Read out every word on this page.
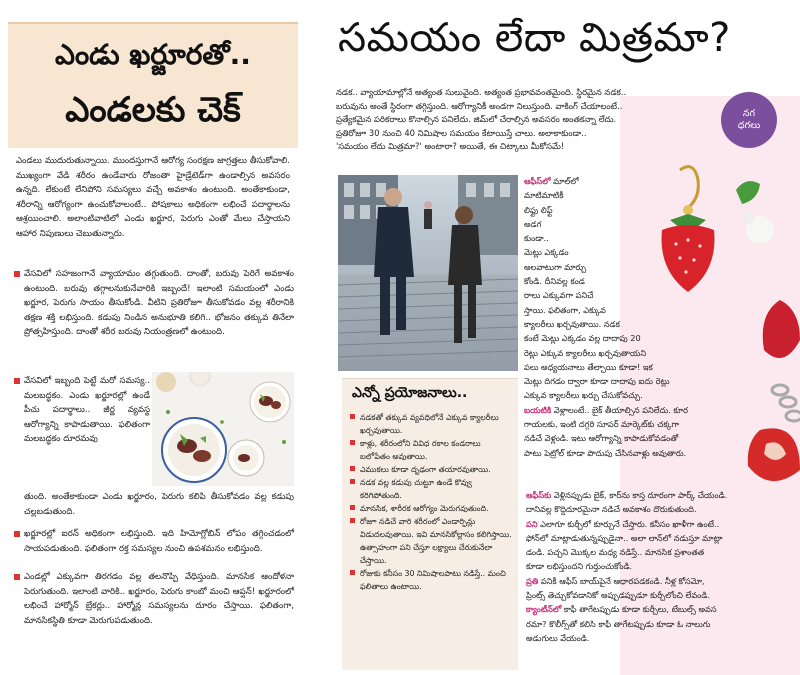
ఎండు ఖర్జూరతో..
ఎండలకు చెక్
ఎండలు ముదురుతున్నాయి. ముందస్తుగానే ఆరోగ్య సంరక్షణ జాగ్రత్తలు తీసుకోవాలి. ముఖ్యంగా వేడి శరీరం ఉండేవారు రోజంతా హైడ్రేటెడ్‌గా ఉండాల్సిన అవసరం ఉన్నది. లేకుంటే లేనిపోని సమస్యలు వచ్చే అవకాశం ఉంటుంది. అంతేకాకుండా, శరీరాన్ని ఆరోగ్యంగా ఉంచుకోవాలంటే.. పోషకాలు అధికంగా లభించే పదార్థాలను ఆశ్రయించాలి. అలాంటివాటిలో ఎండు ఖర్జూర, పెరుగు ఎంతో మేలు చేస్తాయని ఆహార నిపుణులు చెబుతున్నారు.
వేసవిలో సహజంగానే వ్యాయామం తగ్గుతుంది. దాంతో, బరువు పెరిగే అవకాశం ఉంటుంది. బరువు తగ్గాలనుకునేవారికి ఇబ్బందే! ఇలాంటి సమయంలో ఎండు ఖర్జూర, పెరుగు సాయం తీసుకోండి. వీటిని ప్రతిరోజూ తీసుకోవడం వల్ల శరీరానికి తక్షణ శక్తి లభిస్తుంది. కడుపు నిండిన అనుభూతి కలిగి.. భోజనం తక్కువ తినేలా ప్రోత్సహిస్తుంది. దాంతో శరీర బరువు నియంత్రణలో ఉంటుంది.
వేసవిలో ఇబ్బంది పెట్టే మరో సమస్య.. మలబద్ధకం. ఎండు ఖర్జూరల్లో ఉండే పీచు పదార్థాలు.. జీర్ణ వ్యవస్థ ఆరోగ్యాన్ని కాపాడుతాయి. ఫలితంగా మలబద్ధకం దూరమవు
తుంది. అంతేకాకుండా ఎండు ఖర్జూరం, పెరుగు కలిపి తీసుకోవడం వల్ల కడుపు చల్లబడుతుంది.
ఖర్జూరల్లో ఐరన్ అధికంగా లభిస్తుంది. ఇది హిమోగ్లోబిన్ లోపం తగ్గించడంలో సాయపడుతుంది. ఫలితంగా రక్త సమస్యల నుంచి ఉపశమనం లభిస్తుంది.
ఎండల్లో ఎక్కువగా తిరగడం వల్ల తలనొప్పి వేధిస్తుంది. మానసిక ఆందోళనా పెరుగుతుంది. ఇలాంటి వారికి.. ఖర్జూరం, పెరుగు కాంబో మంచి ఆప్షన్! ఖర్జూరంలో లభించే హార్మోన్ బ్రేకర్లు.. హార్మోన్ల సమస్యలను దూరం చేస్తాయి. ఫలితంగా, మానసికస్థితి కూడా మెరుగుపడుతుంది.
సమయం లేదా మిత్రమా?
నడక.. వ్యాయామాల్లోనే అత్యంత సులువైంది. అత్యంత ప్రభావవంతమైంది. స్థిరమైన నడక..
బరువును అంతే స్థిరంగా తగ్గిస్తుంది. ఆరోగ్యానికీ అండగా నిలుస్తుంది. వాకింగ్ చేయాలంటే..
ప్రత్యేకమైన పరికరాలు కొనాల్సిన పనిలేదు. జిమ్‌లో చేరాల్సిన అవసరం అంతకన్నా లేదు.
ప్రతిరోజూ 30 నుంచి 40 నిమిషాల సమయం కేటాయిస్తే చాలు. అలాకాకుండా..
'సమయం లేదు మిత్రమా?' అంటారా? అయితే, ఈ చిట్కాలు మీకోసమే!
నగ
ధగలు
ఎన్నో ప్రయోజనాలు..
నడకతో తక్కువ వ్యవధిలోనే ఎక్కువ క్యాలరీలు ఖర్చవుతాయి.
కాళ్లు, శరీరంలోని వివిధ రకాల కండరాలు బలోపేతం అవుతాయి.
ఎముకలు కూడా దృఢంగా తయారవుతాయి.
నడక వల్ల కడుపు చుట్టూ ఉండే కొవ్వు కరిగిపోతుంది.
మానసిక, శారీరక ఆరోగ్యం మెరుగవుతుంది.
రోజూ నడిచే వారి శరీరంలో ఎండార్ఫిన్లు విడుదలవుతాయి. ఇవి మానసికోల్లాసం కలిగిస్తాయి. ఉత్సాహంగా పని చేస్తూ లక్ష్యాలు చేరుకునేలా చేస్తాయి.
రోజుకు కనీసం 30 నిమిషాలపాటు నడిస్తే.. మంచి ఫలితాలు ఉంటాయి.
ఆఫీస్‌లో మాల్‌లో
మాటిమాటికీ
లిఫ్టు లిఫ్ట్
అడగ
కుండా..
మెట్లు ఎక్కడం
అలవాటుగా మార్చు
కోండి. దీనివల్ల కండ
రాలు ఎక్కువగా పనిచే
స్తాయి. ఫలితంగా, ఎక్కువ
క్యాలరీలు ఖర్చవుతాయి. నడక
కంటే మెట్లు ఎక్కడం వల్ల దాదాపు 20
రెట్లు ఎక్కువ క్యాలరీలు ఖర్చవుతాయని
పలు అధ్యయనాలు తేల్చాయి కూడా! ఇక
మెట్లు దిగడం ద్వారా కూడా దాదాపు ఐదు రెట్లు
ఎక్కువ క్యాలరీలు ఖర్చు చేసుకోవచ్చు.
బయటికి వెళ్లాలంటే.. బైక్ తీయాల్సిన పనిలేదు. కూర
గాయలకు, ఇంటి దగ్గరి సూపర్ మార్కెట్‌కు చక్కగా
నడిచే వెళ్లండి. ఇటు ఆరోగ్యాన్ని కాపాడుకోవడంతో
పాటు పెట్రోల్ కూడా పొదుపు చేసినవాళ్లు అవుతారు.
ఆఫీస్‌కు వెళ్లినప్పుడు బైక్, కార్‌ను కాస్త దూరంగా పార్క్ చేయండి.
దానివల్ల కొద్దిదూరమైనా నడిచే అవకాశం దొరుకుతుంది.
పని ఎలాగూ కుర్చీలో కూర్చునే చేస్తారు. కనీసం ఖాళీగా ఉంటే..
ఫోన్‌లో మాట్లాడుతున్నప్పుడైనా.. అలా లాన్‌లో నడుస్తూ మాట్లా
డండి. పచ్చని మొక్కల మధ్య నడిస్తే.. మానసిక ప్రశాంతత
కూడా లభిస్తుందని గుర్తుంచుకోండి.
ప్రతి పనికీ ఆఫీస్ బాయ్‌పైనే ఆధారపడకండి. నీళ్ల కోసమో,
ప్రింట్స్ తెచ్చుకోవడానికో అప్పుడప్పుడూ కుర్చీలోంచి లేవండి.
క్యాంటీన్‌లో కాఫీ తాగేటప్పుడు కూడా కుర్చీలు, టేబుల్స్ అవస
రమా? కొలీగ్స్‌తో కలిసి కాఫీ తాగేటప్పుడు కూడా ఓ నాలుగు
అడుగులు వేయండి.
